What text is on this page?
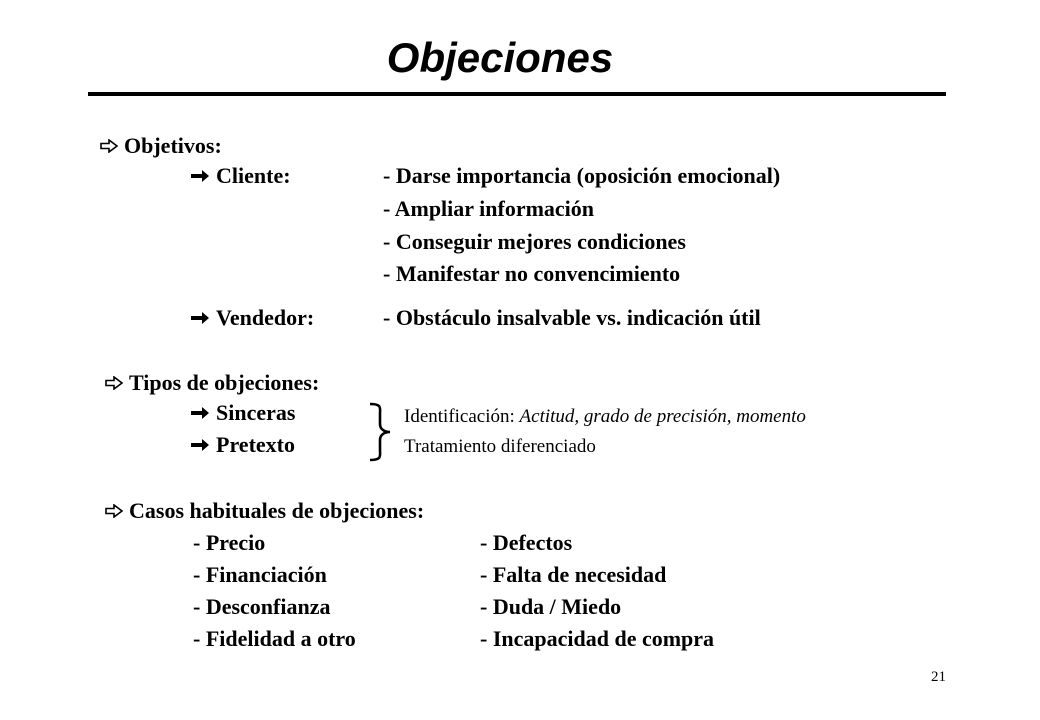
Objeciones
Objetivos:
Cliente:	- Darse importancia (oposición emocional)
- Ampliar información
- Conseguir mejores condiciones
- Manifestar no convencimiento
Vendedor:	- Obstáculo insalvable vs. indicación útil
Tipos de objeciones:
Sinceras
Pretexto
Identificación: Actitud, grado de precisión, momento
Tratamiento diferenciado
Casos habituales de objeciones:
- Precio
- Financiación
- Desconfianza
- Fidelidad a otro
- Defectos
- Falta de necesidad
- Duda / Miedo
- Incapacidad de compra
21
